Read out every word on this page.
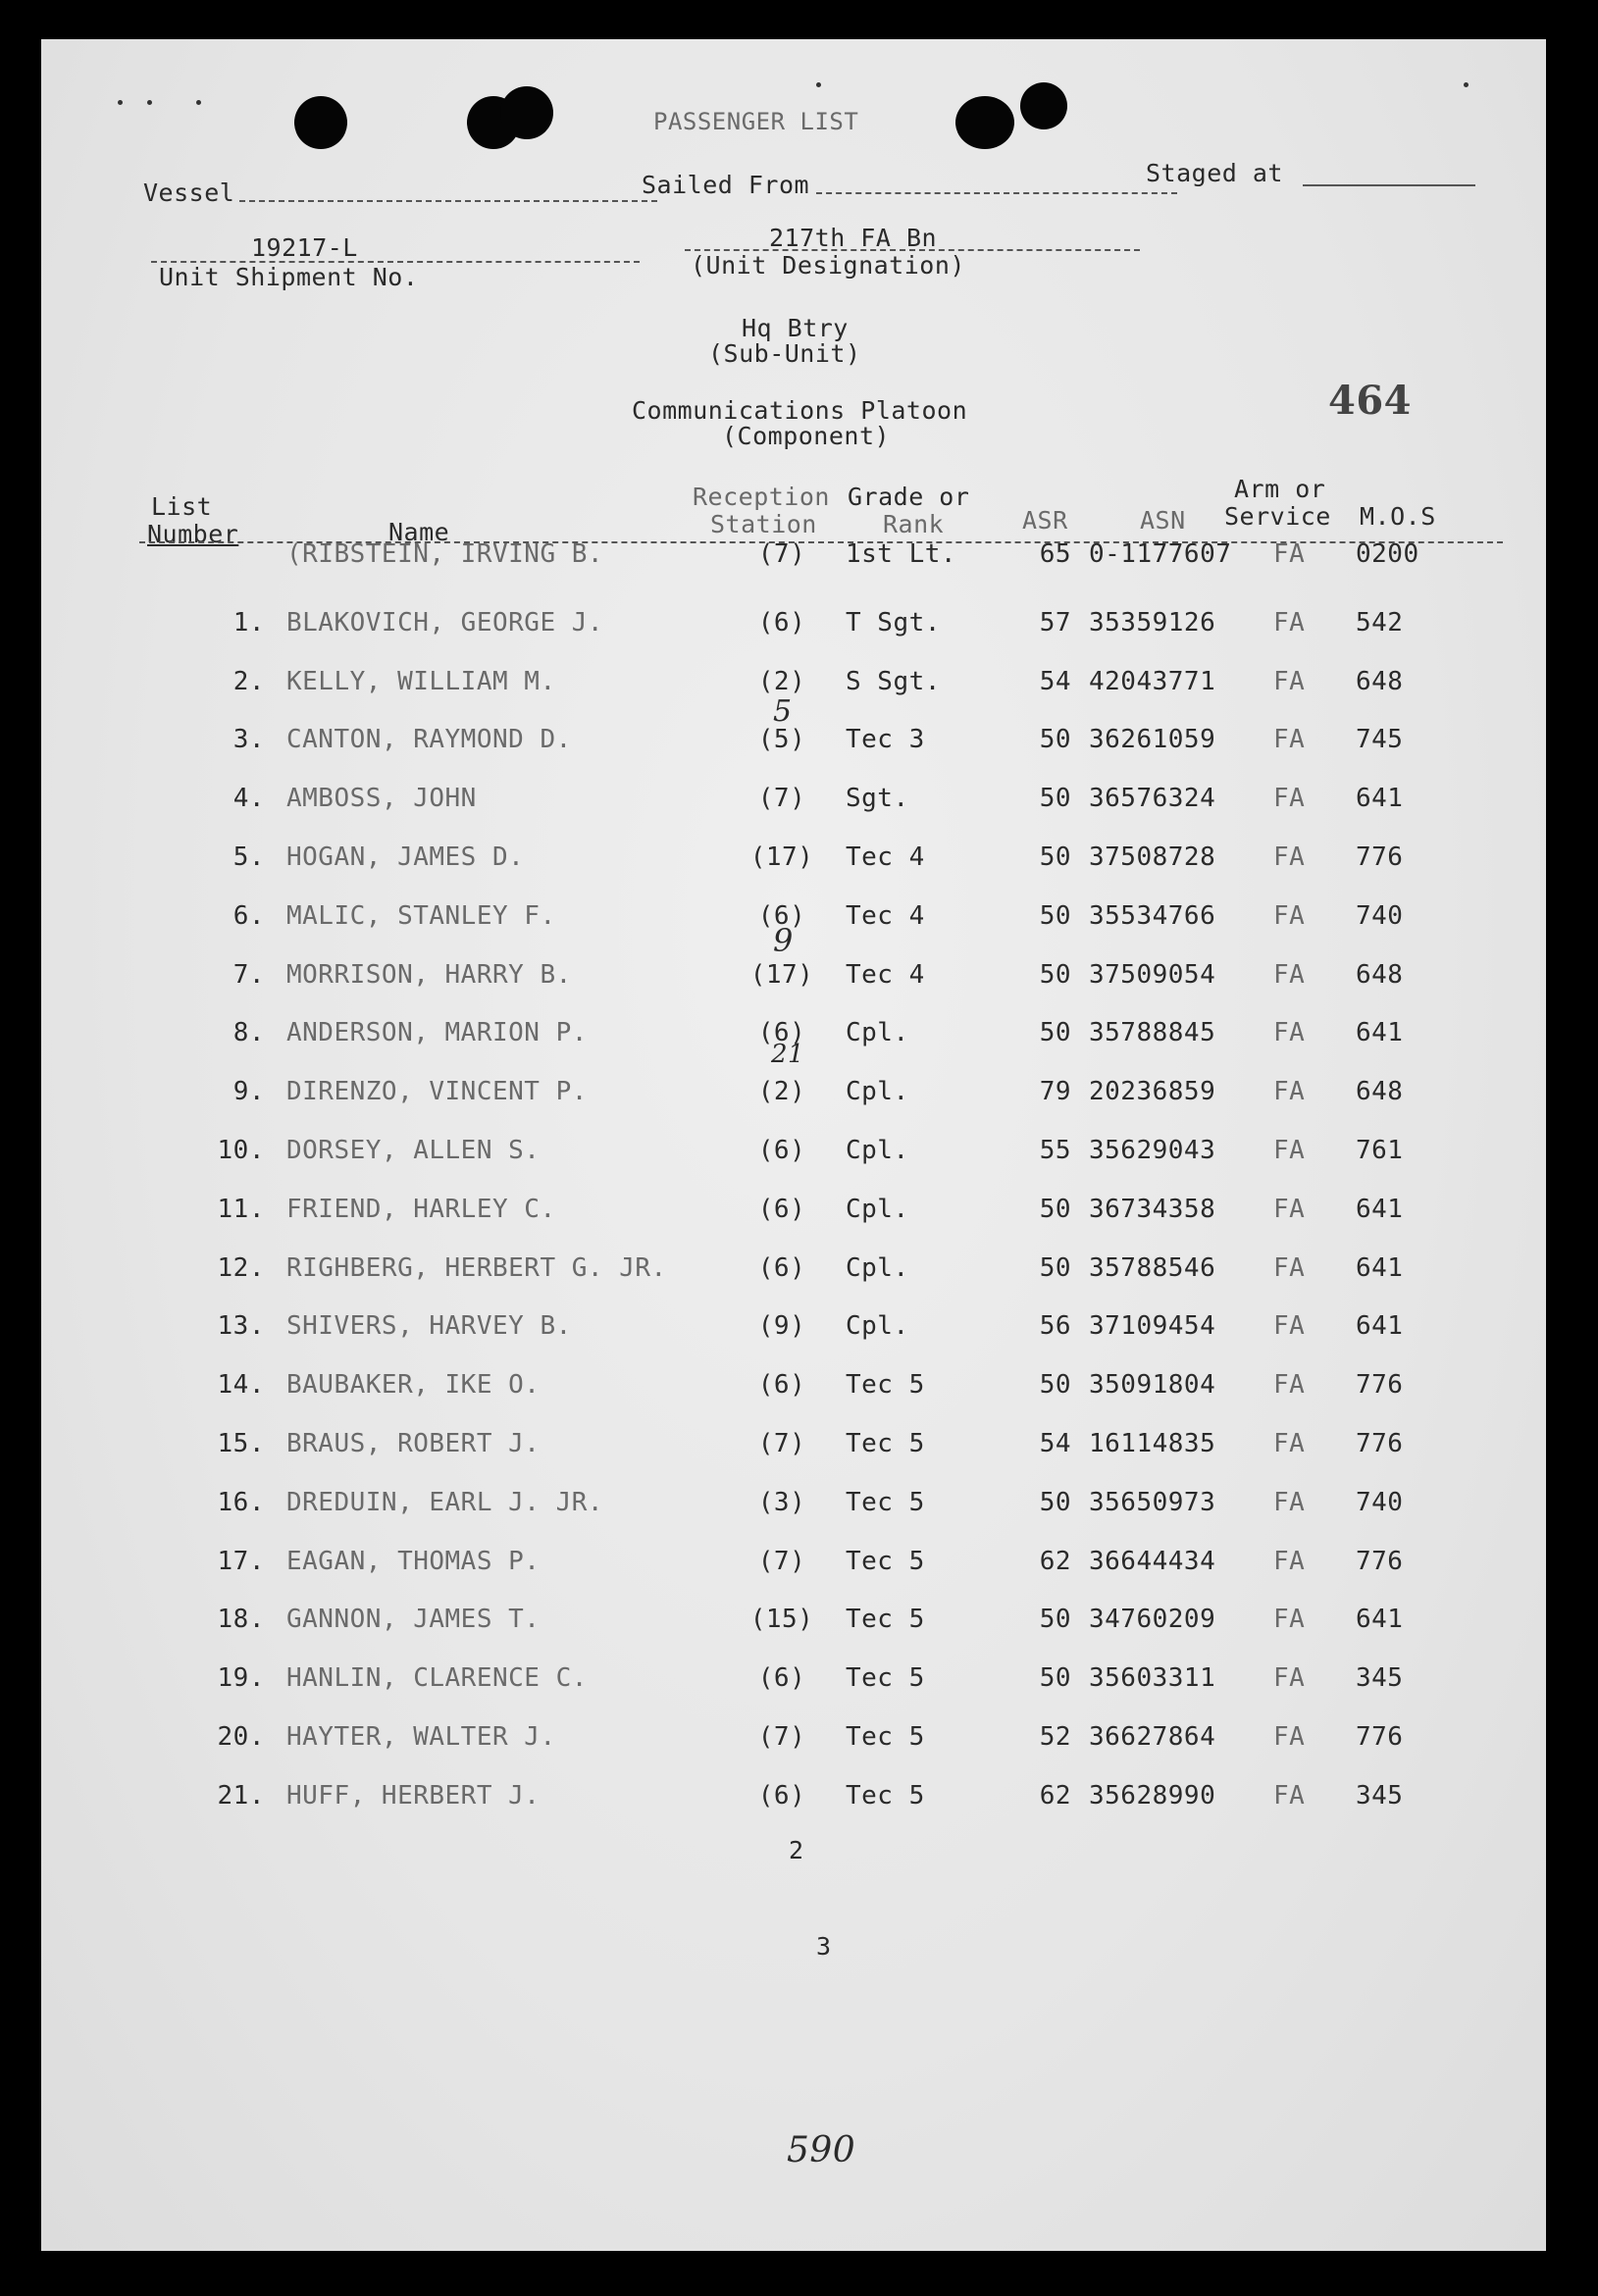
PASSENGER LIST
Vessel	Sailed From	Staged at
19217-L
Unit Shipment No.
217th FA Bn
(Unit Designation)
Hq Btry
(Sub-Unit)
Communications Platoon
(Component)
464
List
Number	Name
Reception
Station
Grade or
Rank	ASR	ASN
Arm or
Service M.O.S
(RIBSTEIN, IRVING B.	(7)	1st Lt.	65 0-1177607	FA	0200
1. BLAKOVICH, GEORGE J.	(6)	T Sgt.	57 35359126	FA	542
2. KELLY, WILLIAM M.	(2)	S Sgt.	54 42043771	FA	648
3. CANTON, RAYMOND D.	(5)	Tec 3	50 36261059	FA	745
4. AMBOSS, JOHN	(7)	Sgt.	50 36576324	FA	641
5. HOGAN, JAMES D.	(17)	Tec 4	50 37508728	FA	776
6. MALIC, STANLEY F.	(6)	Tec 4	50 35534766	FA	740
7. MORRISON, HARRY B.	(17)	Tec 4	50 37509054	FA	648
8. ANDERSON, MARION P.	(6)	Cpl.	50 35788845	FA	641
9. DIRENZO, VINCENT P.	(2)	Cpl.	79 20236859	FA	648
10. DORSEY, ALLEN S.	(6)	Cpl.	55 35629043	FA	761
11. FRIEND, HARLEY C.	(6)	Cpl.	50 36734358	FA	641
12. RIGHBERG, HERBERT G. JR.	(6)	Cpl.	50 35788546	FA	641
13. SHIVERS, HARVEY B.	(9)	Cpl.	56 37109454	FA	641
14. BAUBAKER, IKE O.	(6)	Tec 5	50 35091804	FA	776
15. BRAUS, ROBERT J.	(7)	Tec 5	54 16114835	FA	776
16. DREDUIN, EARL J. JR.	(3)	Tec 5	50 35650973	FA	740
17. EAGAN, THOMAS P.	(7)	Tec 5	62 36644434	FA	776
18. GANNON, JAMES T.	(15)	Tec 5	50 34760209	FA	641
19. HANLIN, CLARENCE C.	(6)	Tec 5	50 35603311	FA	345
20. HAYTER, WALTER J.	(7)	Tec 5	52 36627864	FA	776
21. HUFF, HERBERT J.	(6)	Tec 5	62 35628990	FA	345
5
9
21
2
3
590
